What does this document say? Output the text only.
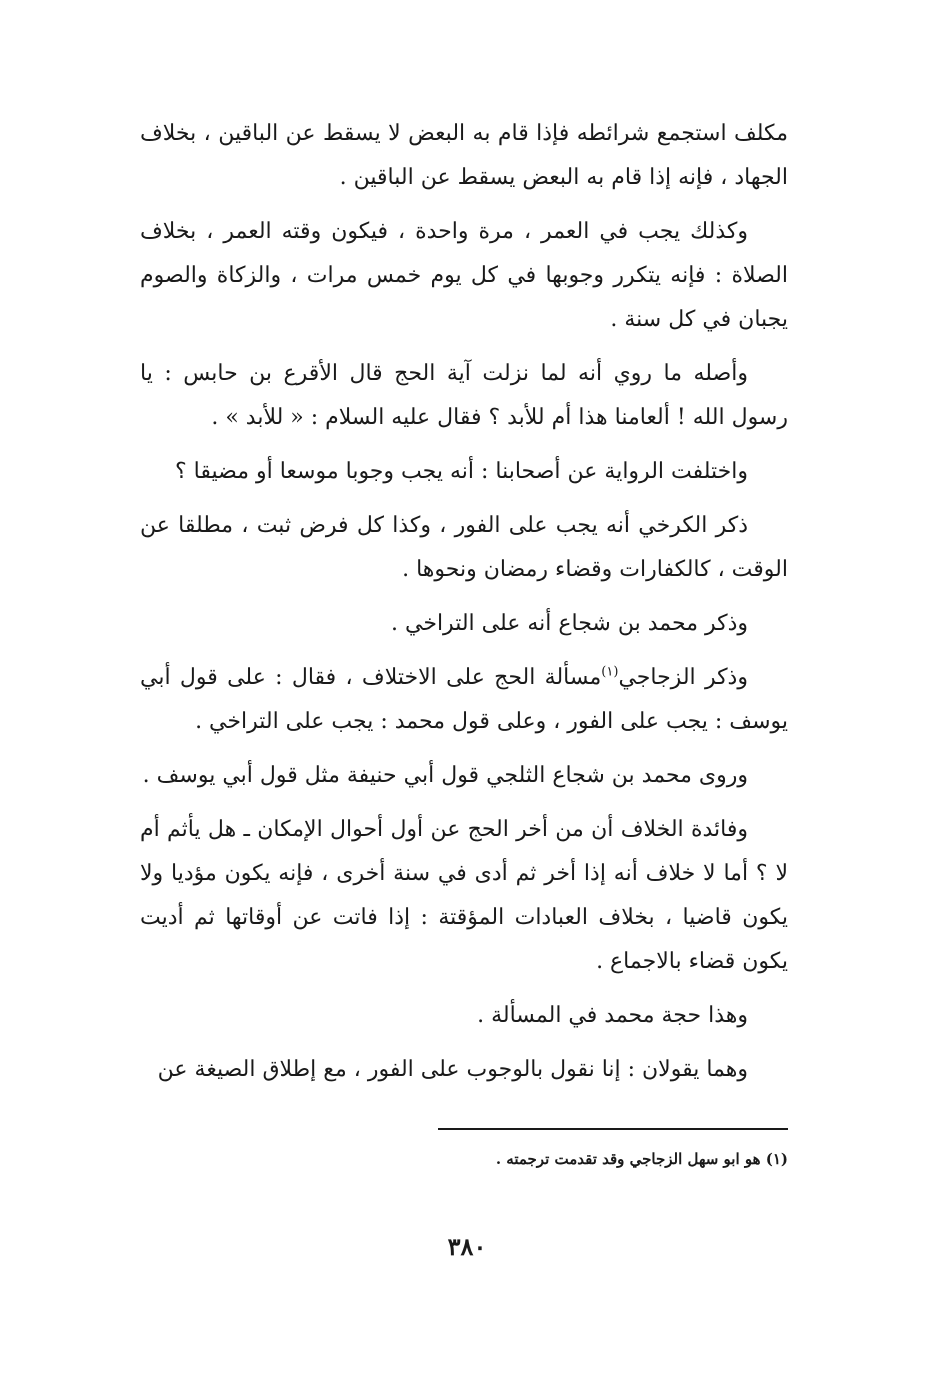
مكلف استجمع شرائطه فإذا قام به البعض لا يسقط عن الباقين ، بخلاف الجهاد ، فإنه إذا قام به البعض يسقط عن الباقين .

وكذلك يجب في العمر ، مرة واحدة ، فيكون وقته العمر ، بخلاف الصلاة : فإنه يتكرر وجوبها في كل يوم خمس مرات ، والزكاة والصوم يجبان في كل سنة .

وأصله ما روي أنه لما نزلت آية الحج قال الأقرع بن حابس : يا رسول الله ! ألعامنا هذا أم للأبد ؟ فقال عليه السلام : « للأبد » .

واختلفت الرواية عن أصحابنا : أنه يجب وجوبا موسعا أو مضيقا ؟

ذكر الكرخي أنه يجب على الفور ، وكذا كل فرض ثبت ، مطلقا عن الوقت ، كالكفارات وقضاء رمضان ونحوها .

وذكر محمد بن شجاع أنه على التراخي .

وذكر الزجاجي$^{(١)}$مسألة الحج على الاختلاف ، فقال : على قول أبي يوسف : يجب على الفور ، وعلى قول محمد : يجب على التراخي .

وروى محمد بن شجاع الثلجي قول أبي حنيفة مثل قول أبي يوسف .

وفائدة الخلاف أن من أخر الحج عن أول أحوال الإمكان ـ هل يأثم أم لا ؟ أما لا خلاف أنه إذا أخر ثم أدى في سنة أخرى ، فإنه يكون مؤديا ولا يكون قاضيا ، بخلاف العبادات المؤقتة : إذا فاتت عن أوقاتها ثم أديت يكون قضاء بالاجماع .

وهذا حجة محمد في المسألة .

وهما يقولان : إنا نقول بالوجوب على الفور ، مع إطلاق الصيغة عن

(١) هو ابو سهل الزجاجي وقد تقدمت ترجمته .
٣٨٠
